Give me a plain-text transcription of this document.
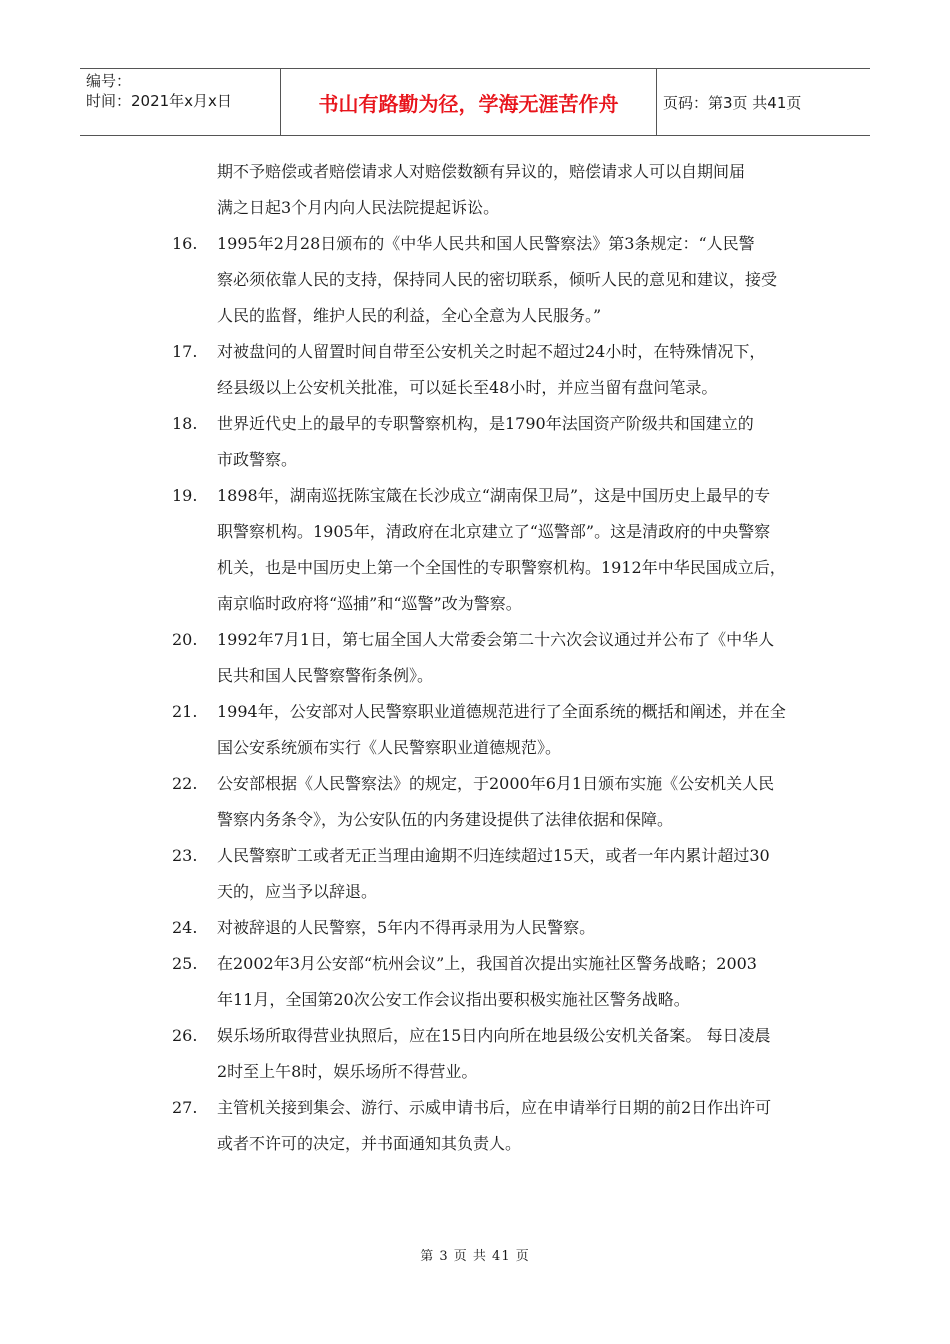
编号：
时间：2021年x月x日	书山有路勤为径，学海无涯苦作舟	页码：第3页 共41页
期不予赔偿或者赔偿请求人对赔偿数额有异议的，赔偿请求人可以自期间届
满之日起3个月内向人民法院提起诉讼。
16.	1995年2月28日颁布的《中华人民共和国人民警察法》第3条规定：“人民警
察必须依靠人民的支持，保持同人民的密切联系，倾听人民的意见和建议，接受
人民的监督，维护人民的利益，全心全意为人民服务。”
17.	对被盘问的人留置时间自带至公安机关之时起不超过24小时，在特殊情况下，
经县级以上公安机关批准，可以延长至48小时，并应当留有盘问笔录。
18.	世界近代史上的最早的专职警察机构，是1790年法国资产阶级共和国建立的
市政警察。
19.	1898年，湖南巡抚陈宝箴在长沙成立“湖南保卫局”，这是中国历史上最早的专
职警察机构。1905年，清政府在北京建立了“巡警部”。这是清政府的中央警察
机关，也是中国历史上第一个全国性的专职警察机构。1912年中华民国成立后，
南京临时政府将“巡捕”和“巡警”改为警察。
20.	1992年7月1日，第七届全国人大常委会第二十六次会议通过并公布了《中华人
民共和国人民警察警衔条例》。
21.	1994年，公安部对人民警察职业道德规范进行了全面系统的概括和阐述，并在全
国公安系统颁布实行《人民警察职业道德规范》。
22.	公安部根据《人民警察法》的规定，于2000年6月1日颁布实施《公安机关人民
警察内务条令》，为公安队伍的内务建设提供了法律依据和保障。
23.	人民警察旷工或者无正当理由逾期不归连续超过15天，或者一年内累计超过30
天的，应当予以辞退。
24.	对被辞退的人民警察，5年内不得再录用为人民警察。
25.	在2002年3月公安部“杭州会议”上，我国首次提出实施社区警务战略；2003
年11月，全国第20次公安工作会议指出要积极实施社区警务战略。
26.	娱乐场所取得营业执照后，应在15日内向所在地县级公安机关备案。 每日凌晨
2时至上午8时，娱乐场所不得营业。
27.	主管机关接到集会、游行、示威申请书后，应在申请举行日期的前2日作出许可
或者不许可的决定，并书面通知其负责人。
第 3 页 共 41 页
